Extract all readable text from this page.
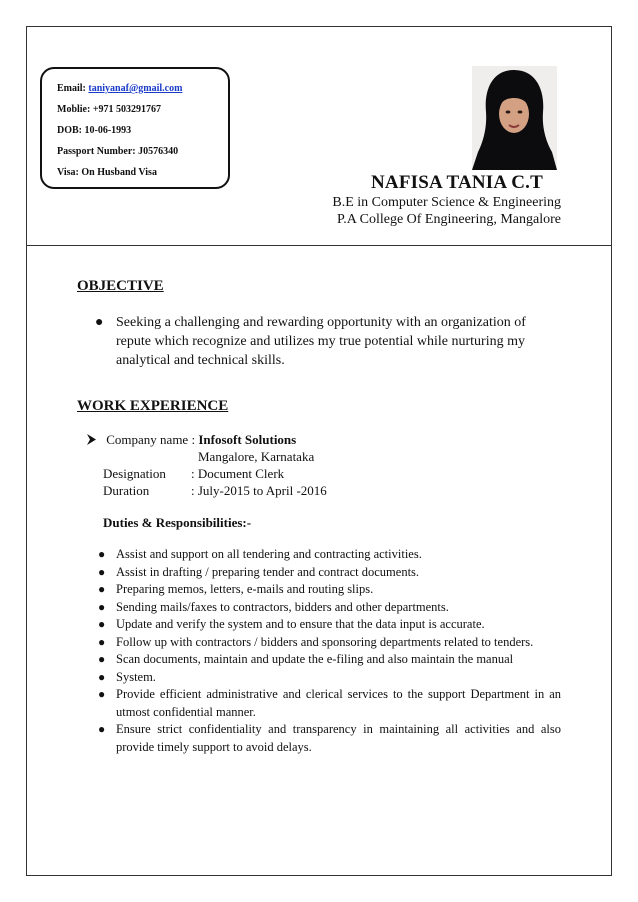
Email: taniyanaf@gmail.com
Moblie: +971 503291767
DOB: 10-06-1993
Passport Number: J0576340
Visa: On Husband Visa	NAFISA TANIA C.T
B.E in Computer Science & Engineering
P.A College Of Engineering, Mangalore
OBJECTIVE
● Seeking a challenging and rewarding opportunity with an organization of repute which recognize and utilizes my true potential while nurturing my analytical and technical skills.
WORK EXPERIENCE
Company name : Infosoft Solutions
Mangalore, Karnataka
Designation : Document Clerk
Duration	: July-2015 to April -2016
Duties & Responsibilities:-
● Assist and support on all tendering and contracting activities.
● Assist in drafting / preparing tender and contract documents.
● Preparing memos, letters, e-mails and routing slips.
● Sending mails/faxes to contractors, bidders and other departments.
● Update and verify the system and to ensure that the data input is accurate.
● Follow up with contractors / bidders and sponsoring departments related to tenders.
● Scan documents, maintain and update the e-filing and also maintain the manual
● System.
● Provide efficient administrative and clerical services to the support Department in an utmost confidential manner.
● Ensure strict confidentiality and transparency in maintaining all activities and also provide timely support to avoid delays.
